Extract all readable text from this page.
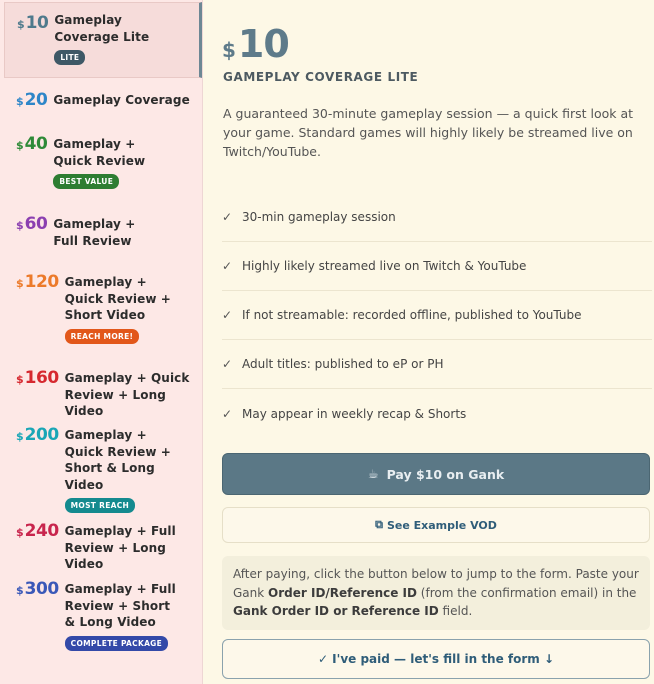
$ 10 Gameplay Coverage Lite
LITE
$ 20 Gameplay Coverage
$ 40 Gameplay + Quick Review
BEST VALUE
$ 60 Gameplay + Full Review
$ 120 Gameplay + Quick Review + Short Video
REACH MORE!
$ 160 Gameplay + Quick Review + Long Video
$ 200 Gameplay + Quick Review + Short & Long Video
MOST REACH
$ 240 Gameplay + Full Review + Long Video
$ 300 Gameplay + Full Review + Short & Long Video
COMPLETE PACKAGE
$ 10
GAMEPLAY COVERAGE LITE

A guaranteed 30-minute gameplay session — a quick first look at your game. Standard games will highly likely be streamed live on Twitch/YouTube.

✓ 30-min gameplay session
✓ Highly likely streamed live on Twitch & YouTube
✓ If not streamable: recorded offline, published to YouTube
✓ Adult titles: published to eP or PH
✓ May appear in weekly recap & Shorts
☕ Pay $10 on Gank
⧉ See Example VOD
After paying, click the button below to jump to the form. Paste your Gank Order ID/Reference ID (from the confirmation email) in the Gank Order ID or Reference ID field.
✓ I've paid — let's fill in the form ↓
